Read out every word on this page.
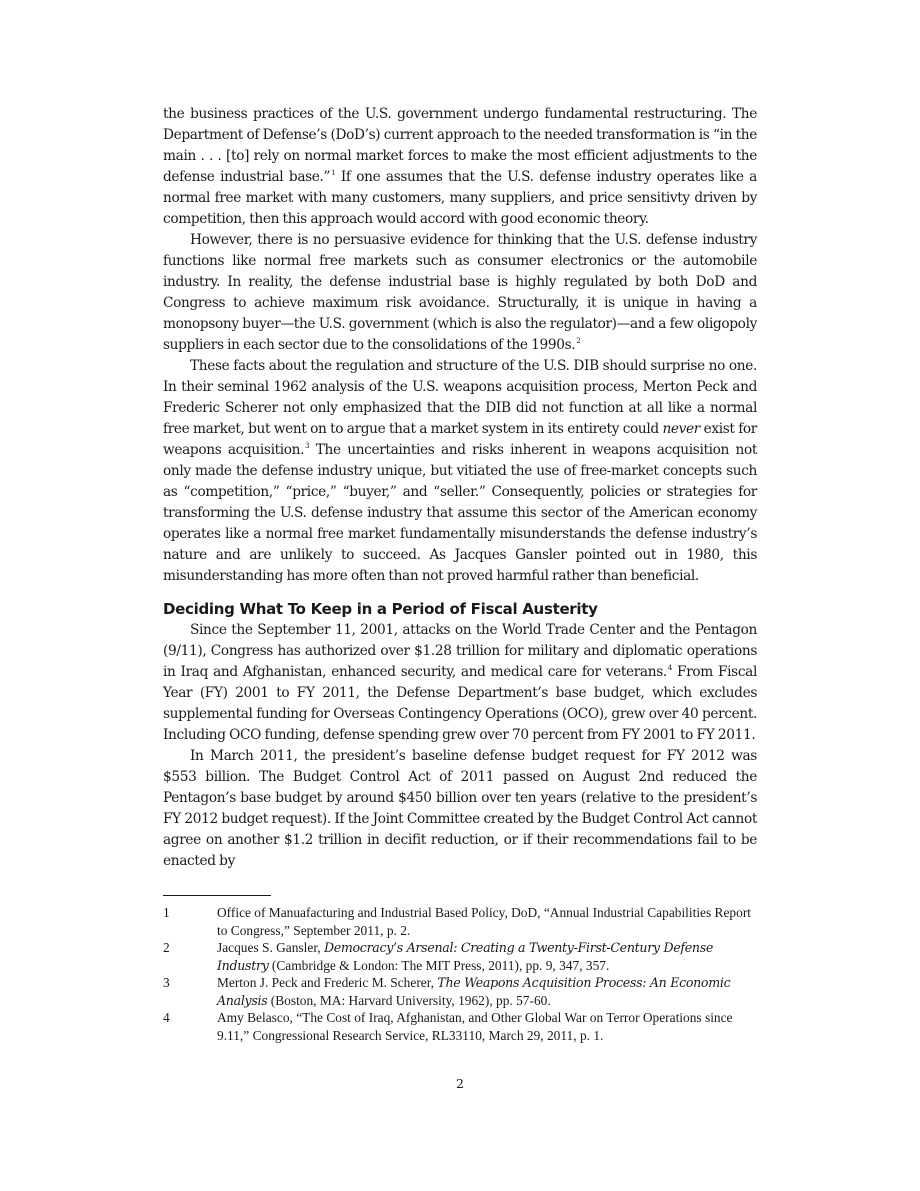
the business practices of the U.S. government undergo fundamental restructuring. The Department of Defense’s (DoD’s) current approach to the needed transformation is “in the main . . . [to] rely on normal market forces to make the most efficient adjustments to the defense industrial base.”$^1$ If one assumes that the U.S. defense industry operates like a normal free market with many customers, many suppliers, and price sensitivty driven by competition, then this approach would accord with good economic theory.

However, there is no persuasive evidence for thinking that the U.S. defense industry functions like normal free markets such as consumer electronics or the automobile industry. In reality, the defense industrial base is highly regulated by both DoD and Congress to achieve maximum risk avoidance. Structurally, it is unique in having a monopsony buyer—the U.S. government (which is also the regulator)—and a few oligopoly suppliers in each sector due to the consolidations of the 1990s.$^2$

These facts about the regulation and structure of the U.S. DIB should surprise no one. In their seminal 1962 analysis of the U.S. weapons acquisition process, Merton Peck and Frederic Scherer not only emphasized that the DIB did not function at all like a normal free market, but went on to argue that a market system in its entirety could never exist for weapons acquisition.$^3$ The uncertainties and risks inherent in weapons acquisition not only made the defense industry unique, but vitiated the use of free-market concepts such as “competition,” “price,” “buyer,” and “seller.” Consequently, policies or strategies for transforming the U.S. defense industry that assume this sector of the American economy operates like a normal free market fundamentally misunderstands the defense industry’s nature and are unlikely to succeed. As Jacques Gansler pointed out in 1980, this misunderstanding has more often than not proved harmful rather than beneficial.

Deciding What To Keep in a Period of Fiscal Austerity

Since the September 11, 2001, attacks on the World Trade Center and the Pentagon (9/11), Congress has authorized over $1.28 trillion for military and diplomatic operations in Iraq and Afghanistan, enhanced security, and medical care for veterans.$^4$ From Fiscal Year (FY) 2001 to FY 2011, the Defense Department’s base budget, which excludes supplemental funding for Overseas Contingency Operations (OCO), grew over 40 percent. Including OCO funding, defense spending grew over 70 percent from FY 2001 to FY 2011.

In March 2011, the president’s baseline defense budget request for FY 2012 was $553 billion. The Budget Control Act of 2011 passed on August 2nd reduced the Pentagon’s base budget by around $450 billion over ten years (relative to the president’s FY 2012 budget request). If the Joint Committee created by the Budget Control Act cannot agree on another $1.2 trillion in decifit reduction, or if their recommendations fail to be enacted by

1	Office of Manuafacturing and Industrial Based Policy, DoD, “Annual Industrial Capabilities Report to Congress,” September 2011, p. 2.
2	Jacques S. Gansler, Democracy’s Arsenal: Creating a Twenty-First-Century Defense Industry (Cambridge & London: The MIT Press, 2011), pp. 9, 347, 357.
3	Merton J. Peck and Frederic M. Scherer, The Weapons Acquisition Process: An Economic Analysis (Boston, MA: Harvard University, 1962), pp. 57-60.
4	Amy Belasco, “The Cost of Iraq, Afghanistan, and Other Global War on Terror Operations since 9.11,” Congressional Research Service, RL33110, March 29, 2011, p. 1.
2
